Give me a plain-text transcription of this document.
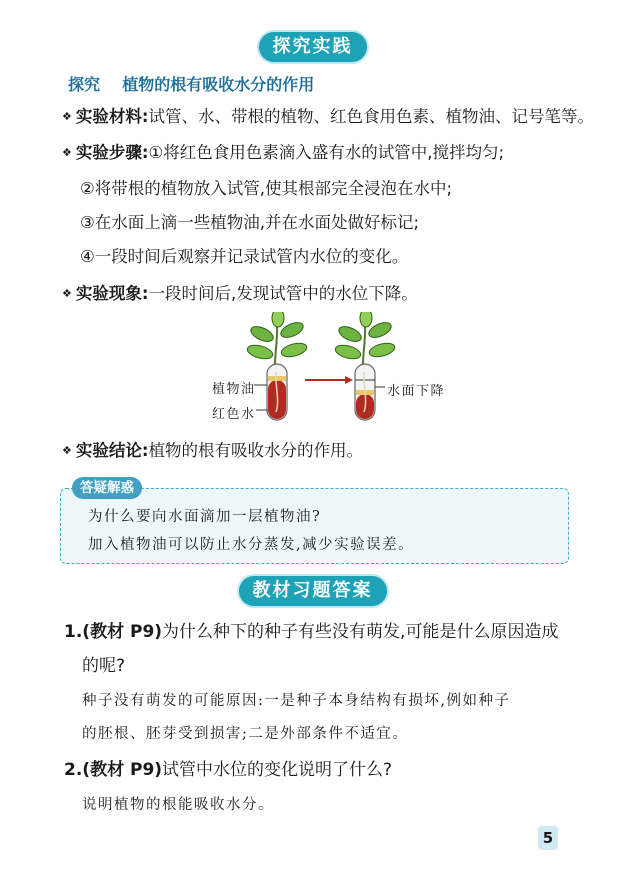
探究实践
探究 植物的根有吸收水分的作用
❖ 实验材料:试管、水、带根的植物、红色食用色素、植物油、记号笔等。
❖ 实验步骤:①将红色食用色素滴入盛有水的试管中,搅拌均匀;
②将带根的植物放入试管,使其根部完全浸泡在水中;
③在水面上滴一些植物油,并在水面处做好标记;
④一段时间后观察并记录试管内水位的变化。
❖ 实验现象:一段时间后,发现试管中的水位下降。
植物油
红色水
水面下降
❖ 实验结论:植物的根有吸收水分的作用。
答疑解惑
为什么要向水面滴加一层植物油?
加入植物油可以防止水分蒸发,减少实验误差。
教材习题答案
1.(教材 P9)为什么种下的种子有些没有萌发,可能是什么原因造成
的呢?
种子没有萌发的可能原因:一是种子本身结构有损坏,例如种子
的胚根、胚芽受到损害;二是外部条件不适宜。
2.(教材 P9)试管中水位的变化说明了什么?
说明植物的根能吸收水分。
5
